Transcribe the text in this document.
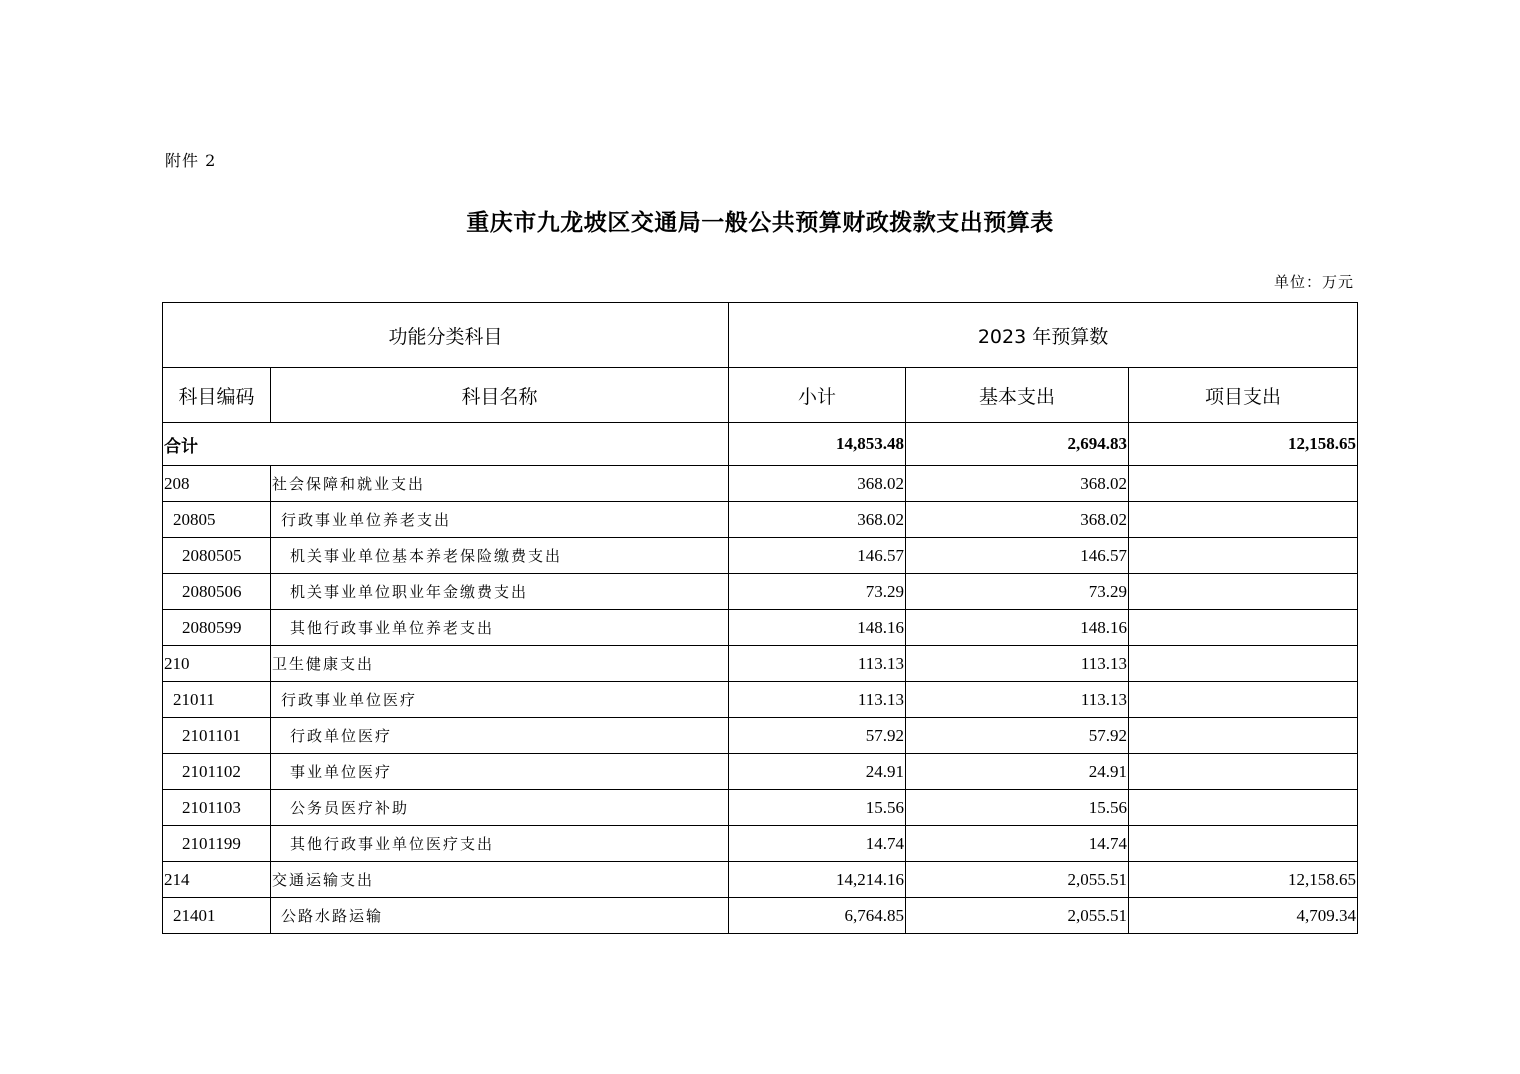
附件 2
重庆市九龙坡区交通局一般公共预算财政拨款支出预算表
单位：万元
功能分类科目		2023 年预算数		
科目编码	科目名称	小计	基本支出	项目支出
合计		14,853.48	2,694.83	12,158.65
208	社会保障和就业支出	368.02	368.02	
20805	行政事业单位养老支出	368.02	368.02	
2080505	机关事业单位基本养老保险缴费支出	146.57	146.57	
2080506	机关事业单位职业年金缴费支出	73.29	73.29	
2080599	其他行政事业单位养老支出	148.16	148.16	
210	卫生健康支出	113.13	113.13	
21011	行政事业单位医疗	113.13	113.13	
2101101	行政单位医疗	57.92	57.92	
2101102	事业单位医疗	24.91	24.91	
2101103	公务员医疗补助	15.56	15.56	
2101199	其他行政事业单位医疗支出	14.74	14.74	
214	交通运输支出	14,214.16	2,055.51	12,158.65
21401	公路水路运输	6,764.85	2,055.51	4,709.34
